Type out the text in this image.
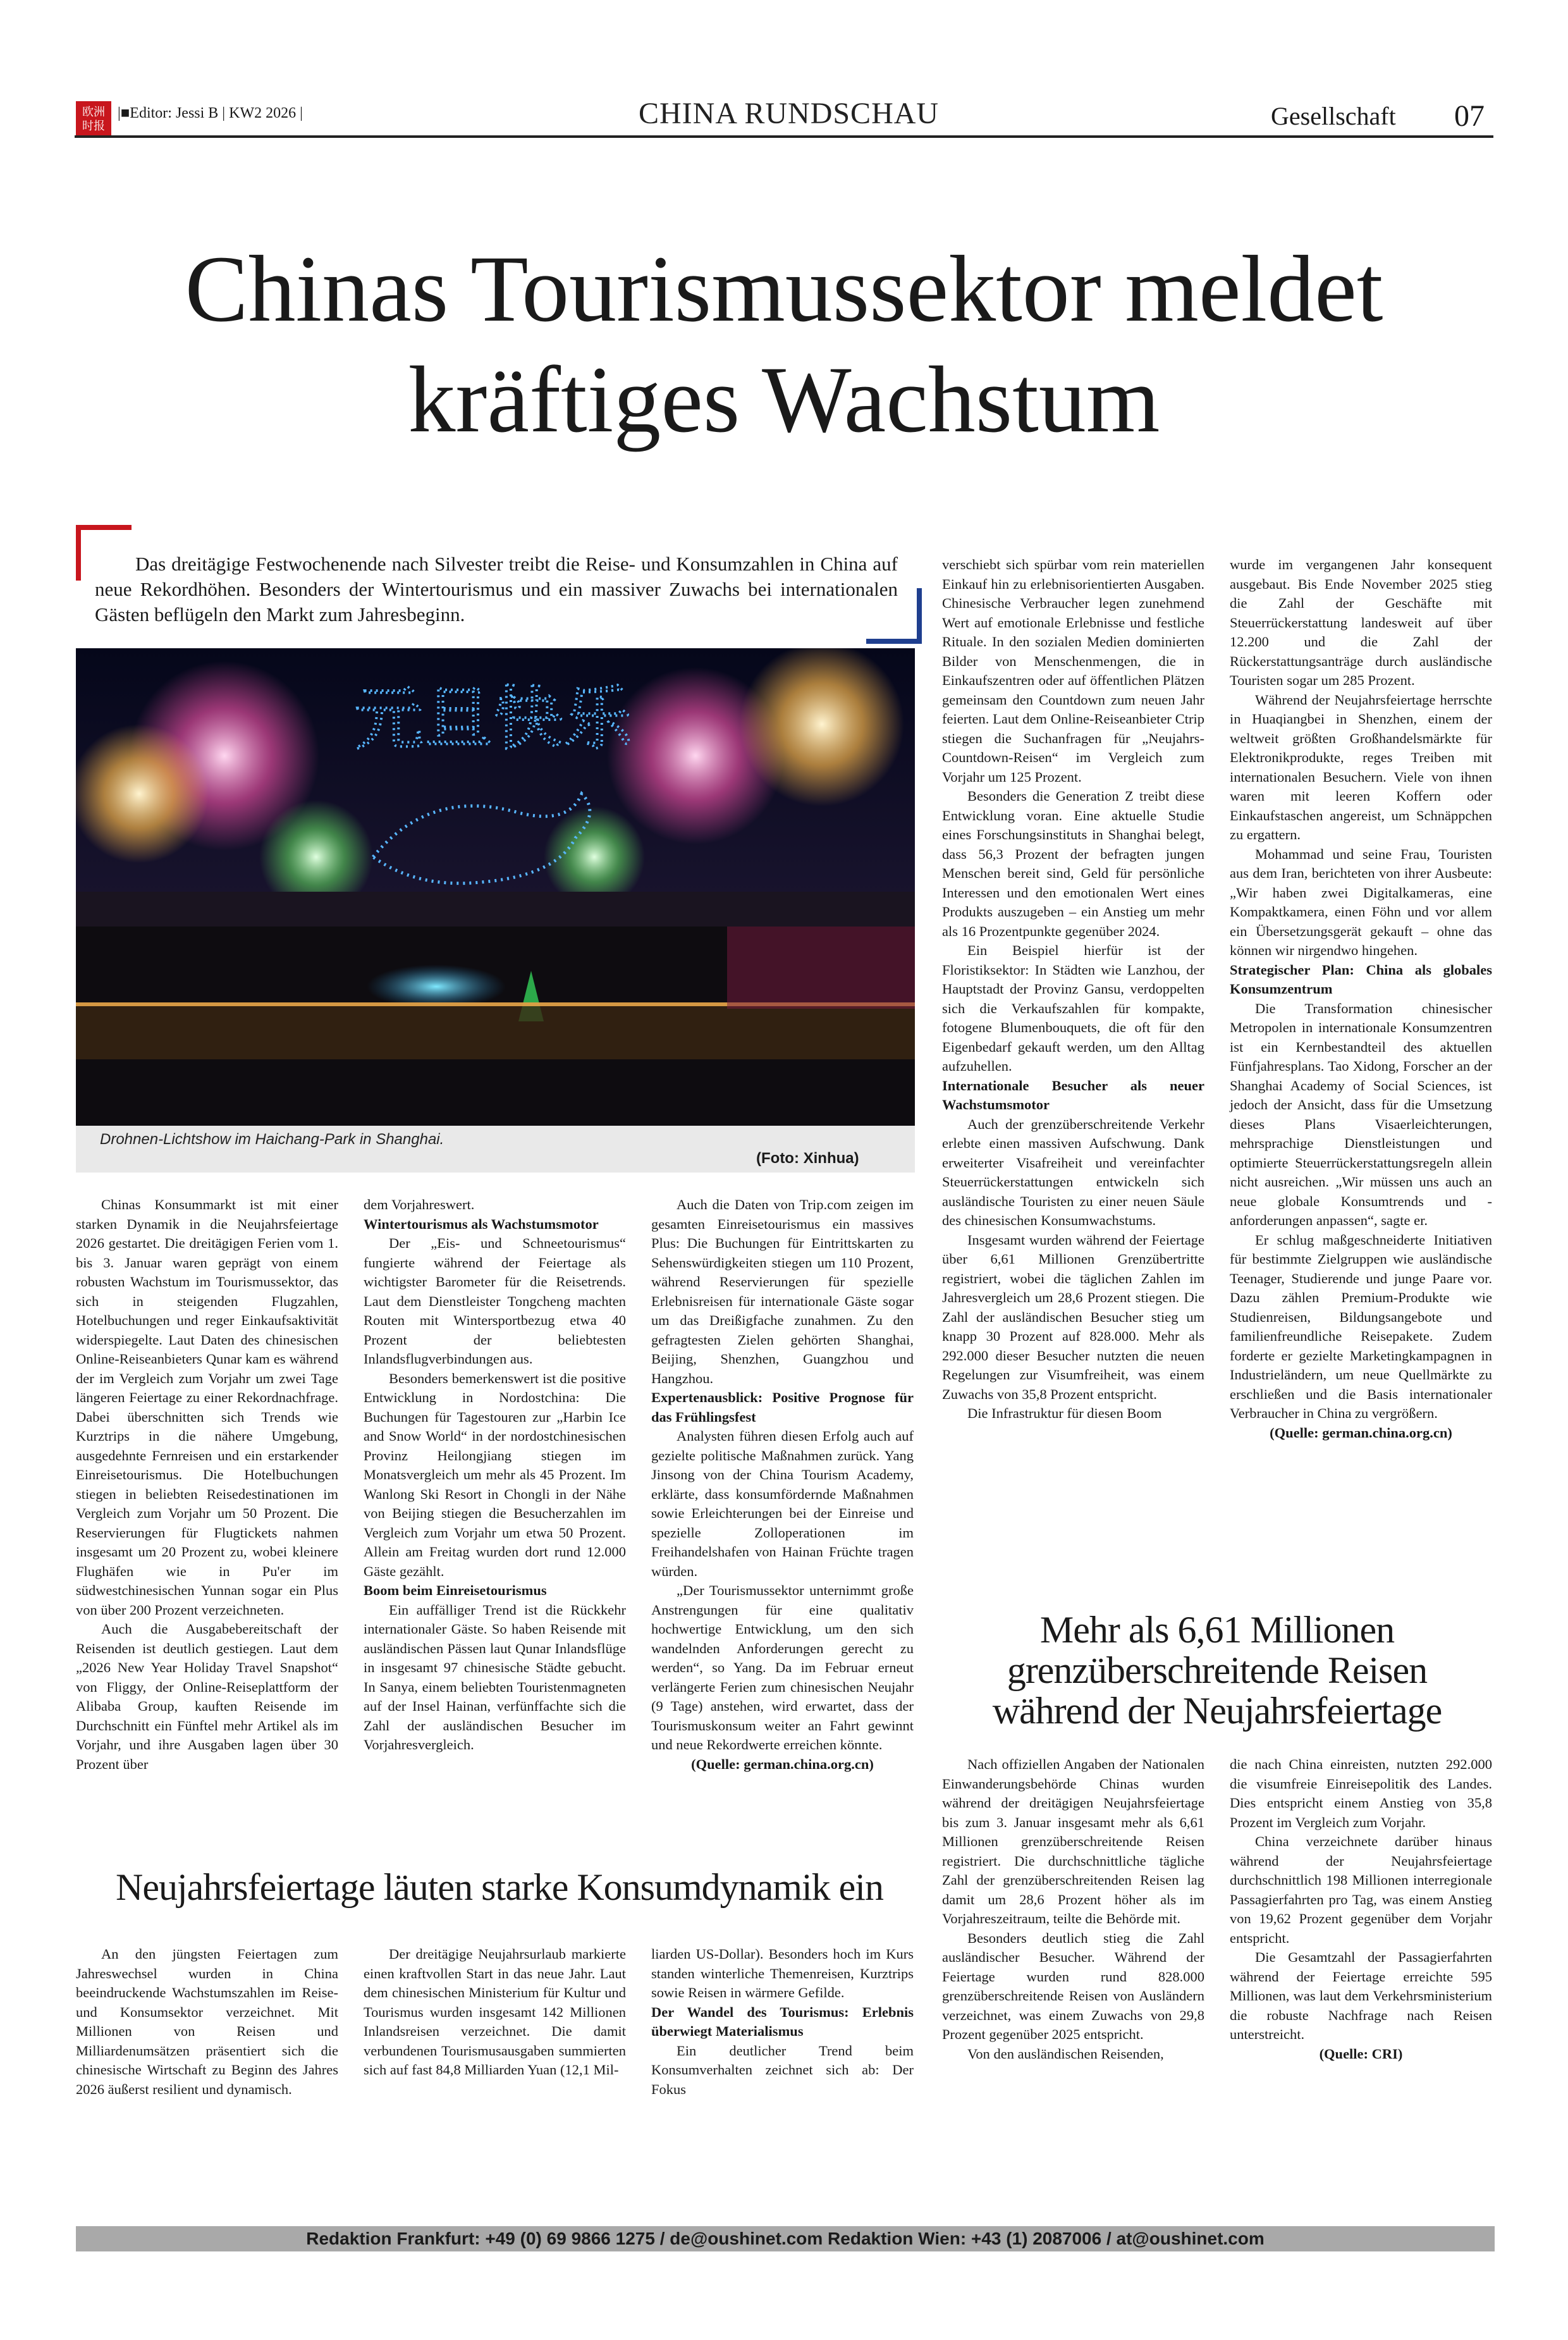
欧洲 时报
|■Editor: Jessi B | KW2 2026 |	CHINA RUNDSCHAU	Gesellschaft 07
Chinas Tourismussektor meldet kräftiges Wachstum
Das dreitägige Festwochenende nach Silvester treibt die Reise- und Konsumzahlen in China auf neue Rekordhöhen. Besonders der Wintertourismus und ein massiver Zuwachs bei internationalen Gästen beflügeln den Markt zum Jahresbeginn.
元旦快乐
Drohnen-Lichtshow im Haichang-Park in Shanghai.
(Foto: Xinhua)

Chinas Konsummarkt ist mit einer starken Dynamik in die Neujahrsfeiertage 2026 gestartet. Die dreitägigen Ferien vom 1. bis 3. Januar waren geprägt von einem robusten Wachstum im Tourismussektor, das sich in steigenden Flugzahlen, Hotelbuchungen und reger Einkaufsaktivität widerspiegelte. Laut Daten des chinesischen Online-Reiseanbieters Qunar kam es während der im Vergleich zum Vorjahr um zwei Tage längeren Feiertage zu einer Rekordnachfrage. Dabei überschnitten sich Trends wie Kurztrips in die nähere Umgebung, ausgedehnte Fernreisen und ein erstarkender Einreisetourismus. Die Hotelbuchungen stiegen in beliebten Reisedestinationen im Vergleich zum Vorjahr um 50 Prozent. Die Reservierungen für Flugtickets nahmen insgesamt um 20 Prozent zu, wobei kleinere Flughäfen wie in Pu'er im südwestchinesischen Yunnan sogar ein Plus von über 200 Prozent verzeichneten.

Auch die Ausgabebereitschaft der Reisenden ist deutlich gestiegen. Laut dem „2026 New Year Holiday Travel Snapshot“ von Fliggy, der Online-Reiseplattform der Alibaba Group, kauften Reisende im Durchschnitt ein Fünftel mehr Artikel als im Vorjahr, und ihre Ausgaben lagen über 30 Prozent über

dem Vorjahreswert.

Wintertourismus als Wachstumsmotor

Der „Eis- und Schneetourismus“ fungierte während der Feiertage als wichtigster Barometer für die Reisetrends. Laut dem Dienstleister Tongcheng machten Routen mit Wintersportbezug etwa 40 Prozent der beliebtesten Inlandsflugverbindungen aus.

Besonders bemerkenswert ist die positive Entwicklung in Nordostchina: Die Buchungen für Tagestouren zur „Harbin Ice and Snow World“ in der nordostchinesischen Provinz Heilongjiang stiegen im Monatsvergleich um mehr als 45 Prozent. Im Wanlong Ski Resort in Chongli in der Nähe von Beijing stiegen die Besucherzahlen im Vergleich zum Vorjahr um etwa 50 Prozent. Allein am Freitag wurden dort rund 12.000 Gäste gezählt.

Boom beim Einreisetourismus

Ein auffälliger Trend ist die Rückkehr internationaler Gäste. So haben Reisende mit ausländischen Pässen laut Qunar Inlandsflüge in insgesamt 97 chinesische Städte gebucht. In Sanya, einem beliebten Touristenmagneten auf der Insel Hainan, verfünffachte sich die Zahl der ausländischen Besucher im Vorjahresvergleich.

Auch die Daten von Trip.com zeigen im gesamten Einreisetourismus ein massives Plus: Die Buchungen für Eintrittskarten zu Sehenswürdigkeiten stiegen um 110 Prozent, während Reservierungen für spezielle Erlebnisreisen für internationale Gäste sogar um das Dreißigfache zunahmen. Zu den gefragtesten Zielen gehörten Shanghai, Beijing, Shenzhen, Guangzhou und Hangzhou.

Expertenausblick: Positive Prognose für das Frühlingsfest

Analysten führen diesen Erfolg auch auf gezielte politische Maßnahmen zurück. Yang Jinsong von der China Tourism Academy, erklärte, dass konsumfördernde Maßnahmen sowie Erleichterungen bei der Einreise und spezielle Zolloperationen im Freihandelshafen von Hainan Früchte tragen würden.

„Der Tourismussektor unternimmt große Anstrengungen für eine qualitativ hochwertige Entwicklung, um den sich wandelnden Anforderungen gerecht zu werden“, so Yang. Da im Februar erneut verlängerte Ferien zum chinesischen Neujahr (9 Tage) anstehen, wird erwartet, dass der Tourismuskonsum weiter an Fahrt gewinnt und neue Rekordwerte erreichen könnte.

(Quelle: german.china.org.cn)

verschiebt sich spürbar vom rein materiellen Einkauf hin zu erlebnisorientierten Ausgaben. Chinesische Verbraucher legen zunehmend Wert auf emotionale Erlebnisse und festliche Rituale. In den sozialen Medien dominierten Bilder von Menschenmengen, die in Einkaufszentren oder auf öffentlichen Plätzen gemeinsam den Countdown zum neuen Jahr feierten. Laut dem Online-Reiseanbieter Ctrip stiegen die Suchanfragen für „Neujahrs-Countdown-Reisen“ im Vergleich zum Vorjahr um 125 Prozent.

Besonders die Generation Z treibt diese Entwicklung voran. Eine aktuelle Studie eines Forschungsinstituts in Shanghai belegt, dass 56,3 Prozent der befragten jungen Menschen bereit sind, Geld für persönliche Interessen und den emotionalen Wert eines Produkts auszugeben – ein Anstieg um mehr als 16 Prozentpunkte gegenüber 2024.

Ein Beispiel hierfür ist der Floristiksektor: In Städten wie Lanzhou, der Hauptstadt der Provinz Gansu, verdoppelten sich die Verkaufszahlen für kompakte, fotogene Blumenbouquets, die oft für den Eigenbedarf gekauft werden, um den Alltag aufzuhellen.

Internationale Besucher als neuer Wachstumsmotor

Auch der grenzüberschreitende Verkehr erlebte einen massiven Aufschwung. Dank erweiterter Visafreiheit und vereinfachter Steuerrückerstattungen entwickeln sich ausländische Touristen zu einer neuen Säule des chinesischen Konsumwachstums.

Insgesamt wurden während der Feiertage über 6,61 Millionen Grenzübertritte registriert, wobei die täglichen Zahlen im Jahresvergleich um 28,6 Prozent stiegen. Die Zahl der ausländischen Besucher stieg um knapp 30 Prozent auf 828.000. Mehr als 292.000 dieser Besucher nutzten die neuen Regelungen zur Visumfreiheit, was einem Zuwachs von 35,8 Prozent entspricht.

Die Infrastruktur für diesen Boom

wurde im vergangenen Jahr konsequent ausgebaut. Bis Ende November 2025 stieg die Zahl der Geschäfte mit Steuerrückerstattung landesweit auf über 12.200 und die Zahl der Rückerstattungsanträge durch ausländische Touristen sogar um 285 Prozent.

Während der Neujahrsfeiertage herrschte in Huaqiangbei in Shenzhen, einem der weltweit größten Großhandelsmärkte für Elektronikprodukte, reges Treiben mit internationalen Besuchern. Viele von ihnen waren mit leeren Koffern oder Einkaufstaschen angereist, um Schnäppchen zu ergattern.

Mohammad und seine Frau, Touristen aus dem Iran, berichteten von ihrer Ausbeute: „Wir haben zwei Digitalkameras, eine Kompaktkamera, einen Föhn und vor allem ein Übersetzungsgerät gekauft – ohne das können wir nirgendwo hingehen.

Strategischer Plan: China als globales Konsumzentrum

Die Transformation chinesischer Metropolen in internationale Konsumzentren ist ein Kernbestandteil des aktuellen Fünfjahresplans. Tao Xidong, Forscher an der Shanghai Academy of Social Sciences, ist jedoch der Ansicht, dass für die Umsetzung dieses Plans Visaerleichterungen, mehrsprachige Dienstleistungen und optimierte Steuerrückerstattungsregeln allein nicht ausreichen. „Wir müssen uns auch an neue globale Konsumtrends und -anforderungen anpassen“, sagte er.

Er schlug maßgeschneiderte Initiativen für bestimmte Zielgruppen wie ausländische Teenager, Studierende und junge Paare vor. Dazu zählen Premium-Produkte wie Studienreisen, Bildungsangebote und familienfreundliche Reisepakete. Zudem forderte er gezielte Marketingkampagnen in Industrieländern, um neue Quellmärkte zu erschließen und die Basis internationaler Verbraucher in China zu vergrößern.

(Quelle: german.china.org.cn)

Neujahrsfeiertage läuten starke Konsumdynamik ein

An den jüngsten Feiertagen zum Jahreswechsel wurden in China beeindruckende Wachstumszahlen im Reise- und Konsumsektor verzeichnet. Mit Millionen von Reisen und Milliardenumsätzen präsentiert sich die chinesische Wirtschaft zu Beginn des Jahres 2026 äußerst resilient und dynamisch.

Der dreitägige Neujahrsurlaub markierte einen kraftvollen Start in das neue Jahr. Laut dem chinesischen Ministerium für Kultur und Tourismus wurden insgesamt 142 Millionen Inlandsreisen verzeichnet. Die damit verbundenen Tourismusausgaben summierten sich auf fast 84,8 Milliarden Yuan (12,1 Mil-

liarden US-Dollar). Besonders hoch im Kurs standen winterliche Themenreisen, Kurztrips sowie Reisen in wärmere Gefilde.

Der Wandel des Tourismus: Erlebnis überwiegt Materialismus

Ein deutlicher Trend beim Konsumverhalten zeichnet sich ab: Der Fokus

Mehr als 6,61 Millionen grenzüberschreitende Reisen während der Neujahrsfeiertage

Nach offiziellen Angaben der Nationalen Einwanderungsbehörde Chinas wurden während der dreitägigen Neujahrsfeiertage bis zum 3. Januar insgesamt mehr als 6,61 Millionen grenzüberschreitende Reisen registriert. Die durchschnittliche tägliche Zahl der grenzüberschreitenden Reisen lag damit um 28,6 Prozent höher als im Vorjahreszeitraum, teilte die Behörde mit.

Besonders deutlich stieg die Zahl ausländischer Besucher. Während der Feiertage wurden rund 828.000 grenzüberschreitende Reisen von Ausländern verzeichnet, was einem Zuwachs von 29,8 Prozent gegenüber 2025 entspricht.

Von den ausländischen Reisenden,

die nach China einreisten, nutzten 292.000 die visumfreie Einreisepolitik des Landes. Dies entspricht einem Anstieg von 35,8 Prozent im Vergleich zum Vorjahr.

China verzeichnete darüber hinaus während der Neujahrsfeiertage durchschnittlich 198 Millionen interregionale Passagierfahrten pro Tag, was einem Anstieg von 19,62 Prozent gegenüber dem Vorjahr entspricht.

Die Gesamtzahl der Passagierfahrten während der Feiertage erreichte 595 Millionen, was laut dem Verkehrsministerium die robuste Nachfrage nach Reisen unterstreicht.

(Quelle: CRI)

Redaktion Frankfurt: +49 (0) 69 9866 1275 / de@oushinet.com Redaktion Wien: +43 (1) 2087006 / at@oushinet.com
